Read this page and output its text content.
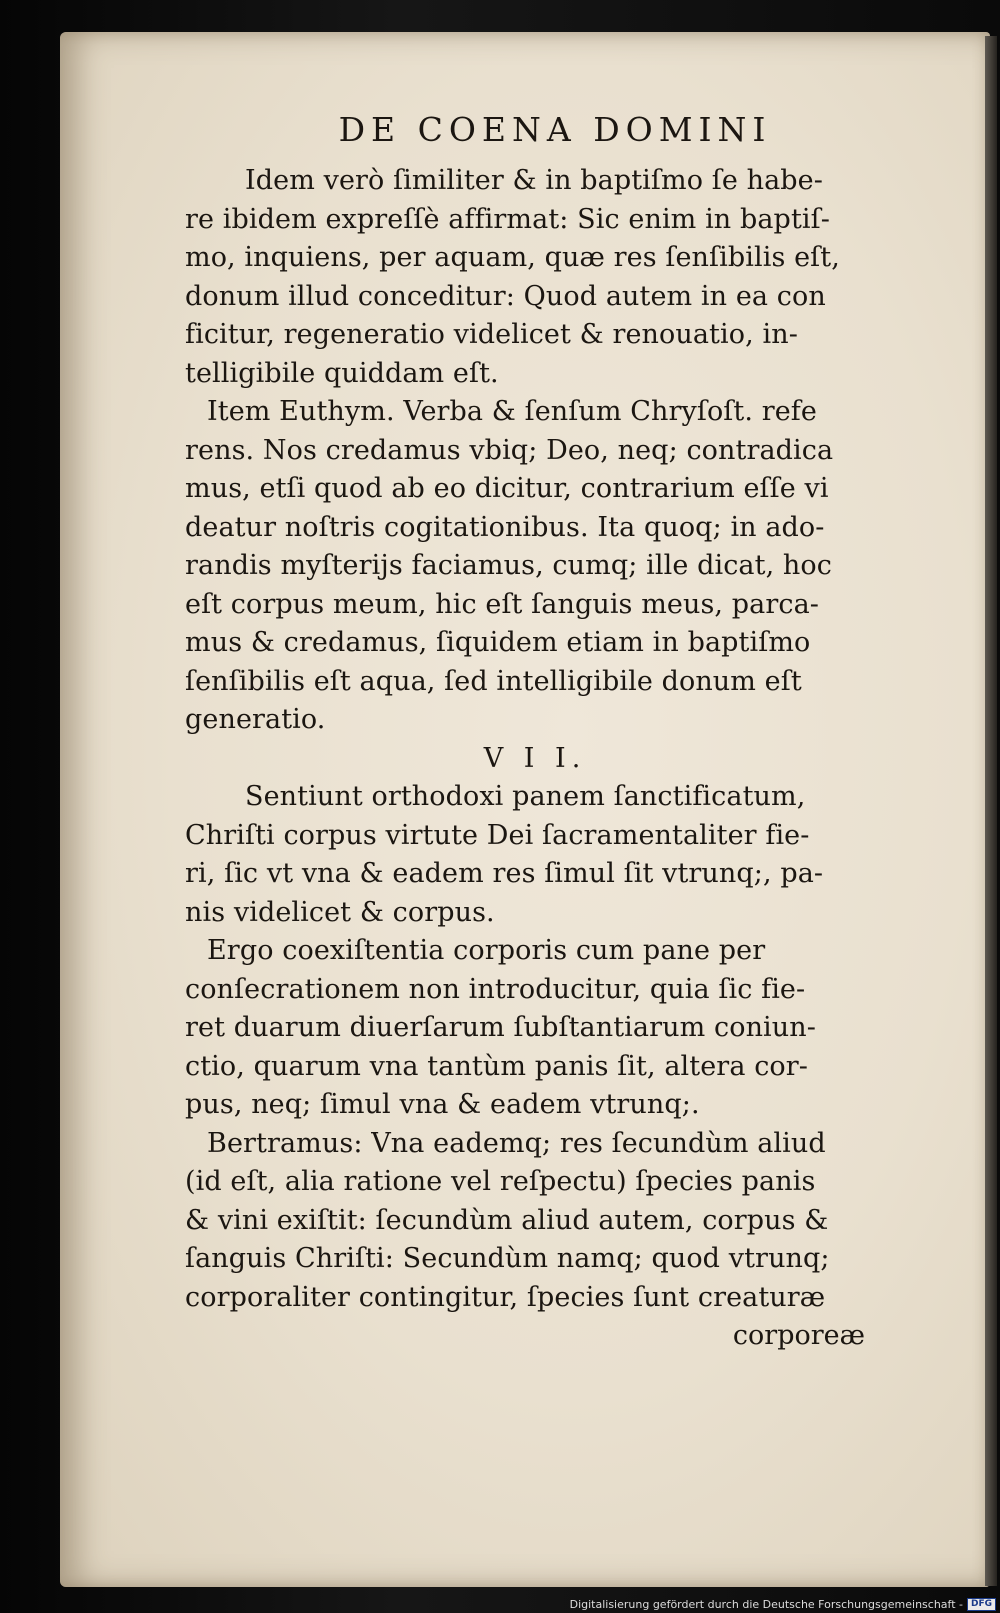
DE COENA DOMINI
Idem verò ſimiliter & in baptiſmo ſe habe-
re ibidem expreſſè affirmat: Sic enim in baptiſ-
mo, inquiens, per aquam, quæ res ſenſibilis eſt,
donum illud conceditur: Quod autem in ea con
ficitur, regeneratio videlicet & renouatio, in-
telligibile quiddam eſt.
Item Euthym. Verba & ſenſum Chryſoſt. refe
rens. Nos credamus vbiq; Deo, neq; contradica
mus, etſi quod ab eo dicitur, contrarium eſſe vi
deatur noſtris cogitationibus. Ita quoq; in ado-
randis myſterijs faciamus, cumq; ille dicat, hoc
eſt corpus meum, hic eſt ſanguis meus, parca-
mus & credamus, ſiquidem etiam in baptiſmo
ſenſibilis eſt aqua, ſed intelligibile donum eſt
generatio.
V I I.
Sentiunt orthodoxi panem ſanctificatum,
Chriſti corpus virtute Dei ſacramentaliter fie-
ri, ſic vt vna & eadem res ſimul ſit vtrunq;, pa-
nis videlicet & corpus.
Ergo coexiſtentia corporis cum pane per
conſecrationem non introducitur, quia ſic fie-
ret duarum diuerſarum ſubſtantiarum coniun-
ctio, quarum vna tantùm panis ſit, altera cor-
pus, neq; ſimul vna & eadem vtrunq;.
Bertramus: Vna eademq; res ſecundùm aliud
(id eſt, alia ratione vel reſpectu) ſpecies panis
& vini exiſtit: ſecundùm aliud autem, corpus &
ſanguis Chriſti: Secundùm namq; quod vtrunq;
corporaliter contingitur, ſpecies ſunt creaturæ
corporeæ
Digitalisierung gefördert durch die Deutsche Forschungsgemeinschaft - DFG
